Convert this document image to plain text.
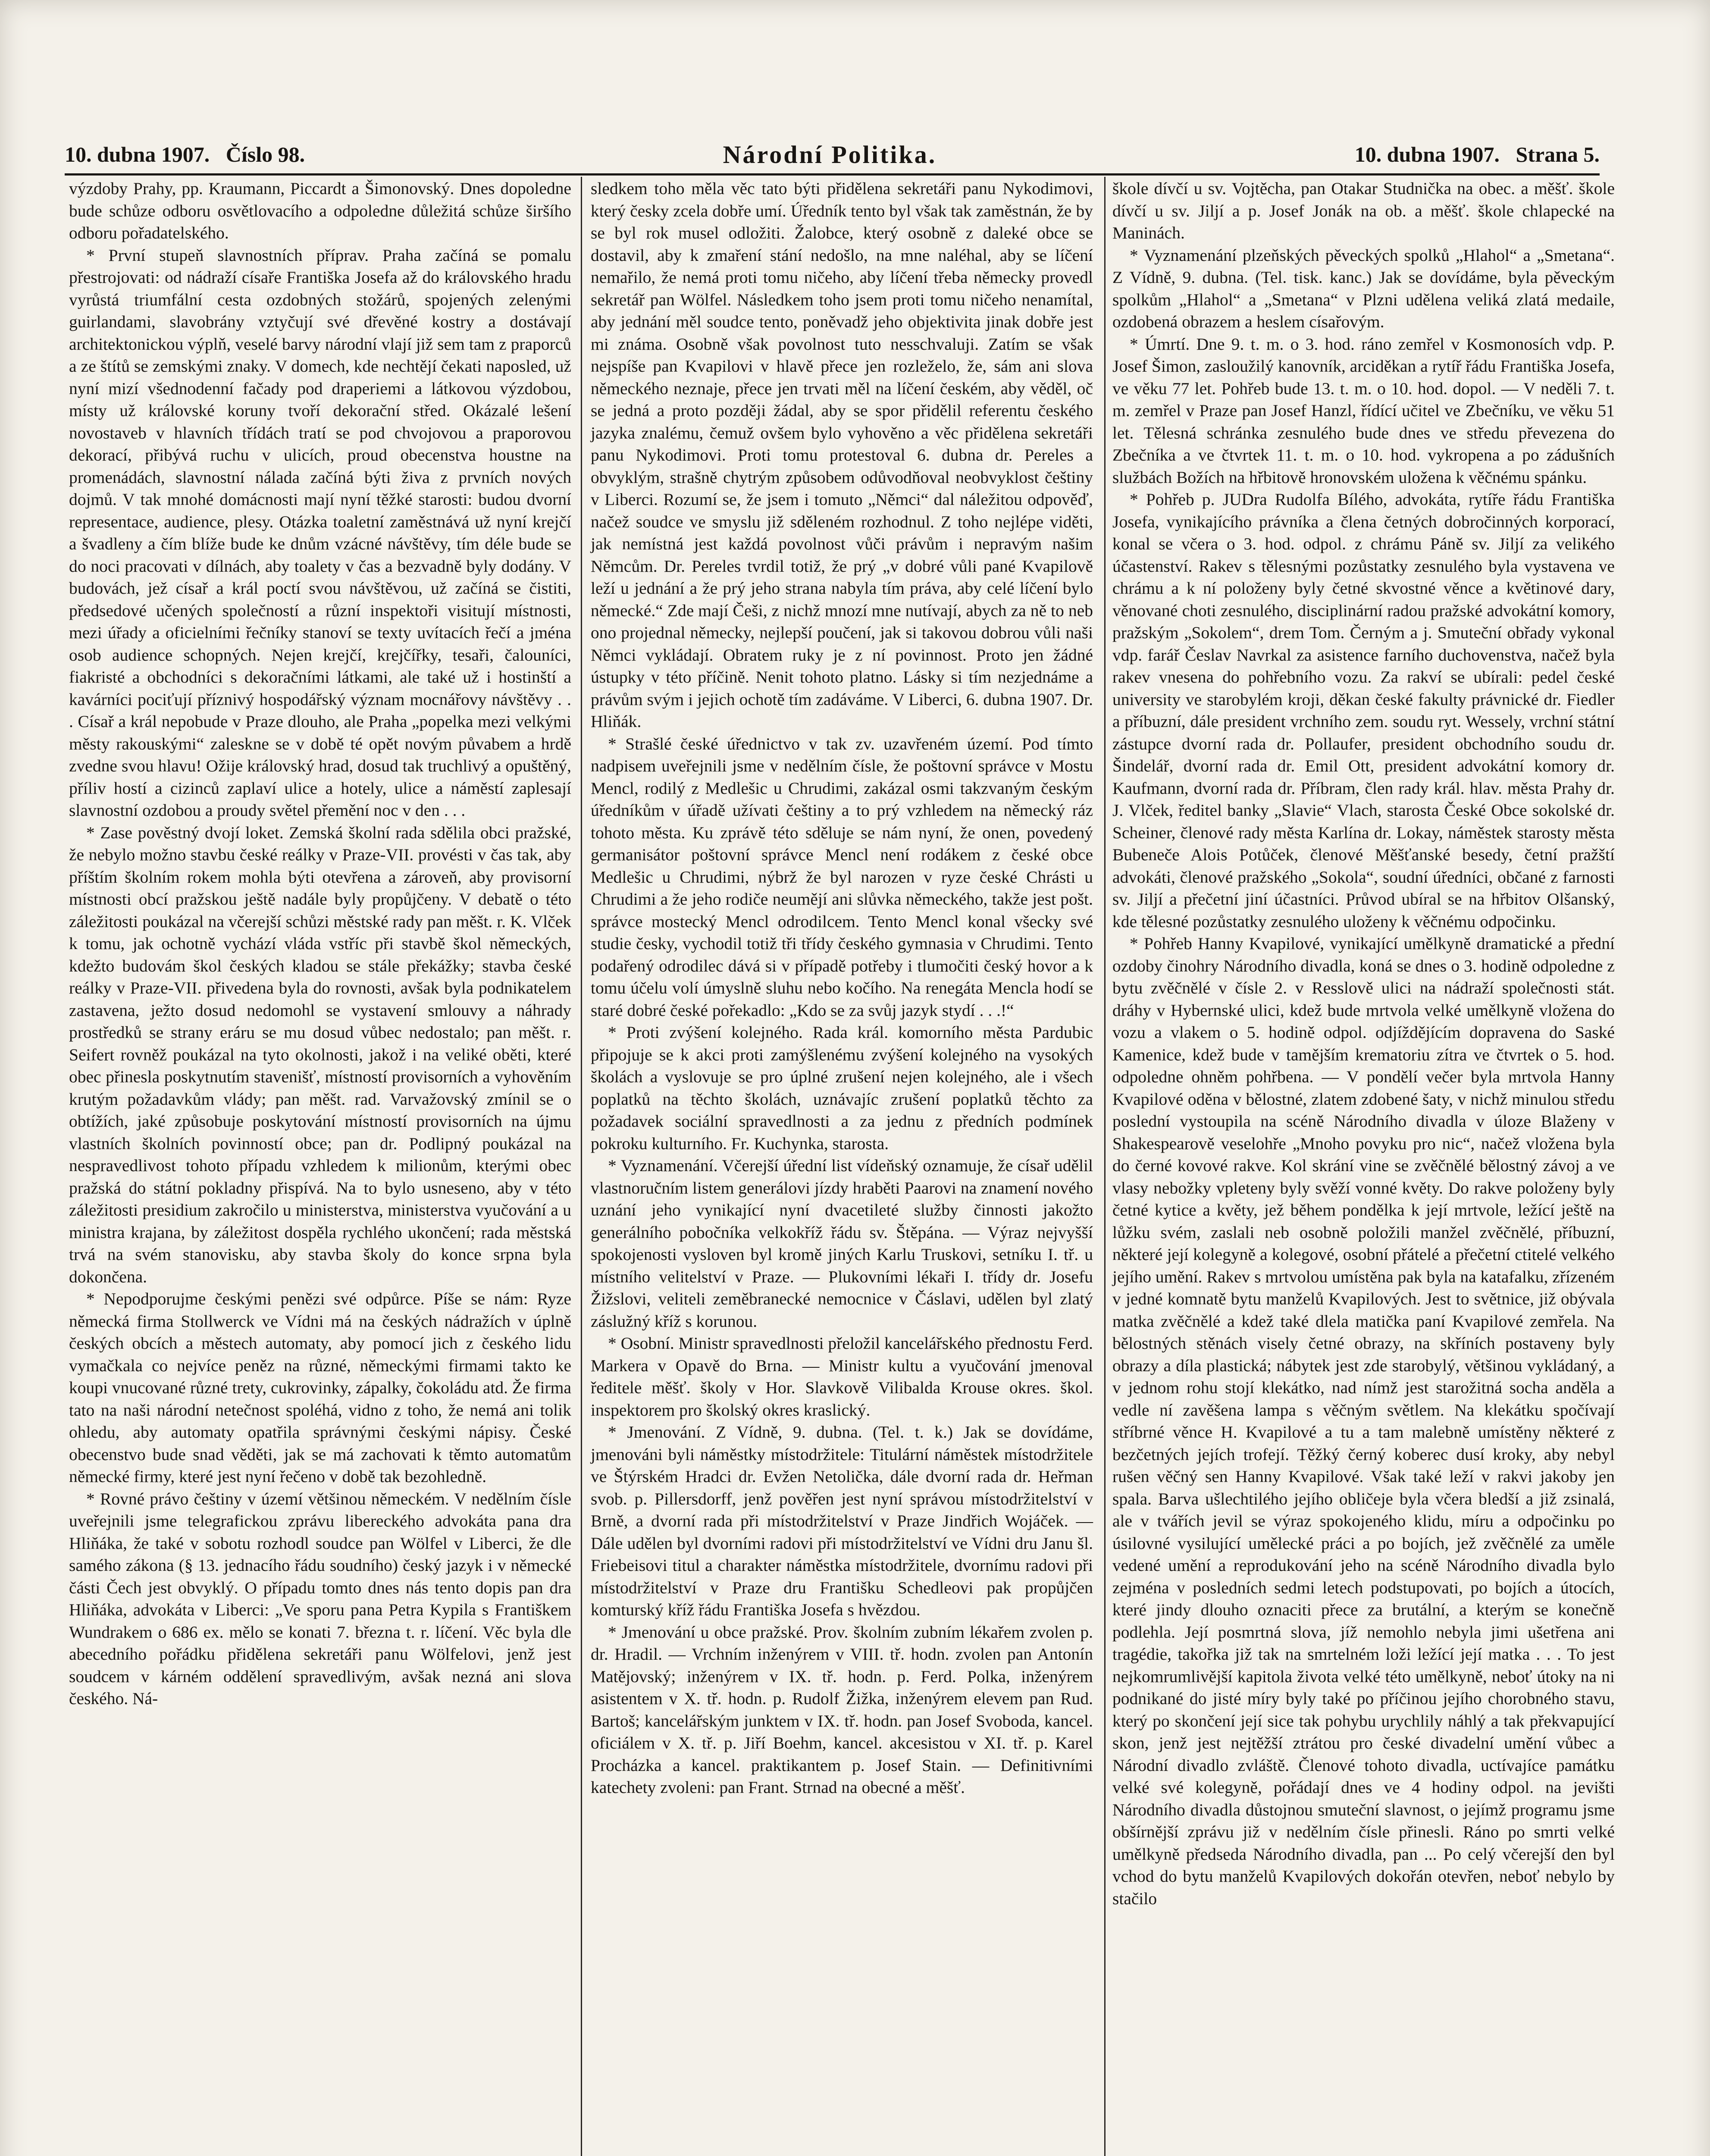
10. dubna 1907. Číslo 98.	Národní Politika.	10. dubna 1907. Strana 5.

výzdoby Prahy, pp. Kraumann, Piccardt a Šimonovský. Dnes dopoledne bude schůze odboru osvětlovacího a odpoledne důležitá schůze širšího odboru pořadatelského.

* První stupeň slavnostních příprav. Praha začíná se pomalu přestrojovati: od nádraží císaře Františka Josefa až do královského hradu vyrůstá triumfální cesta ozdobných stožárů, spojených zelenými guirlandami, slavobrány vztyčují své dřevěné kostry a dostávají architektonickou výplň, veselé barvy národní vlají již sem tam z praporců a ze štítů se zemskými znaky. V domech, kde nechtějí čekati naposled, už nyní mizí všednodenní fačady pod draperiemi a látkovou výzdobou, místy už královské koruny tvoří dekorační střed. Okázalé lešení novostaveb v hlavních třídách tratí se pod chvojovou a praporovou dekorací, přibývá ruchu v ulicích, proud obecenstva houstne na promenádách, slavnostní nálada začíná býti živa z prvních nových dojmů. V tak mnohé domácnosti mají nyní těžké starosti: budou dvorní representace, audience, plesy. Otázka toaletní zaměstnává už nyní krejčí a švadleny a čím blíže bude ke dnům vzácné návštěvy, tím déle bude se do noci pracovati v dílnách, aby toalety v čas a bezvadně byly dodány. V budovách, jež císař a král poctí svou návštěvou, už začíná se čistiti, předsedové učených společností a různí inspektoři visitují místnosti, mezi úřady a oficielními řečníky stanoví se texty uvítacích řečí a jména osob audience schopných. Nejen krejčí, krejčířky, tesaři, čalouníci, fiakristé a obchodníci s dekoračními látkami, ale také už i hostinští a kavárníci pociťují příznivý hospodářský význam mocnářovy návštěvy . . . Císař a král nepobude v Praze dlouho, ale Praha „popelka mezi velkými městy rakouskými“ zaleskne se v době té opět novým půvabem a hrdě zvedne svou hlavu! Ožije královský hrad, dosud tak truchlivý a opuštěný, příliv hostí a cizinců zaplaví ulice a hotely, ulice a náměstí zaplesají slavnostní ozdobou a proudy světel přemění noc v den . . .

* Zase pověstný dvojí loket. Zemská školní rada sdělila obci pražské, že nebylo možno stavbu české reálky v Praze-VII. provésti v čas tak, aby příštím školním rokem mohla býti otevřena a zároveň, aby provisorní místnosti obcí pražskou ještě nadále byly propůjčeny. V debatě o této záležitosti poukázal na včerejší schůzi městské rady pan měšt. r. K. Vlček k tomu, jak ochotně vychází vláda vstříc při stavbě škol německých, kdežto budovám škol českých kladou se stále překážky; stavba české reálky v Praze-VII. přivedena byla do rovnosti, avšak byla podnikatelem zastavena, ježto dosud nedomohl se vystavení smlouvy a náhrady prostředků se strany eráru se mu dosud vůbec nedostalo; pan měšt. r. Seifert rovněž poukázal na tyto okolnosti, jakož i na veliké oběti, které obec přinesla poskytnutím stavenišť, místností provisorních a vyhověním krutým požadavkům vlády; pan měšt. rad. Varvažovský zmínil se o obtížích, jaké způsobuje poskytování místností provisorních na újmu vlastních školních povinností obce; pan dr. Podlipný poukázal na nespravedlivost tohoto případu vzhledem k milionům, kterými obec pražská do státní pokladny přispívá. Na to bylo usneseno, aby v této záležitosti presidium zakročilo u ministerstva, ministerstva vyučování a u ministra krajana, by záležitost dospěla rychlého ukončení; rada městská trvá na svém stanovisku, aby stavba školy do konce srpna byla dokončena.

* Nepodporujme českými penězi své odpůrce. Píše se nám: Ryze německá firma Stollwerck ve Vídni má na českých nádražích v úplně českých obcích a městech automaty, aby pomocí jich z českého lidu vymačkala co nejvíce peněz na různé, německými firmami takto ke koupi vnucované různé trety, cukrovinky, zápalky, čokoládu atd. Že firma tato na naši národní netečnost spoléhá, vidno z toho, že nemá ani tolik ohledu, aby automaty opatřila správnými českými nápisy. České obecenstvo bude snad věděti, jak se má zachovati k těmto automatům německé firmy, které jest nyní řečeno v době tak bezohledně.

* Rovné právo češtiny v území většinou německém. V nedělním čísle uveřejnili jsme telegrafickou zprávu libereckého advokáta pana dra Hliňáka, že také v sobotu rozhodl soudce pan Wölfel v Liberci, že dle samého zákona (§ 13. jednacího řádu soudního) český jazyk i v německé části Čech jest obvyklý. O případu tomto dnes nás tento dopis pan dra Hliňáka, advokáta v Liberci: „Ve sporu pana Petra Kypila s Františkem Wundrakem o 686 ex. mělo se konati 7. března t. r. líčení. Věc byla dle abecedního pořádku přidělena sekretáři panu Wölfelovi, jenž jest soudcem v kárném oddělení spravedlivým, avšak nezná ani slova českého. Ná-

sledkem toho měla věc tato býti přidělena sekretáři panu Nykodimovi, který česky zcela dobře umí. Úředník tento byl však tak zaměstnán, že by se byl rok musel odložiti. Žalobce, který osobně z daleké obce se dostavil, aby k zmaření stání nedošlo, na mne naléhal, aby se líčení nemařilo, že nemá proti tomu ničeho, aby líčení třeba německy provedl sekretář pan Wölfel. Následkem toho jsem proti tomu ničeho nenamítal, aby jednání měl soudce tento, poněvadž jeho objektivita jinak dobře jest mi známa. Osobně však povolnost tuto nesschvaluji. Zatím se však nejspíše pan Kvapilovi v hlavě přece jen rozleželo, že, sám ani slova německého neznaje, přece jen trvati měl na líčení českém, aby věděl, oč se jedná a proto později žádal, aby se spor přidělil referentu českého jazyka znalému, čemuž ovšem bylo vyhověno a věc přidělena sekretáři panu Nykodimovi. Proti tomu protestoval 6. dubna dr. Pereles a obvyklým, strašně chytrým způsobem odůvodňoval neobvyklost češtiny v Liberci. Rozumí se, že jsem i tomuto „Němci“ dal náležitou odpověď, načež soudce ve smyslu již sděleném rozhodnul. Z toho nejlépe viděti, jak nemístná jest každá povolnost vůči právům i nepravým našim Němcům. Dr. Pereles tvrdil totiž, že prý „v dobré vůli pané Kvapilově leží u jednání a že prý jeho strana nabyla tím práva, aby celé líčení bylo německé.“ Zde mají Češi, z nichž mnozí mne nutívají, abych za ně to neb ono projednal německy, nejlepší poučení, jak si takovou dobrou vůli naši Němci vykládají. Obratem ruky je z ní povinnost. Proto jen žádné ústupky v této příčině. Nenit tohoto platno. Lásky si tím nezjednáme a právům svým i jejich ochotě tím zadáváme. V Liberci, 6. dubna 1907. Dr. Hliňák.

* Strašlé české úřednictvo v tak zv. uzavřeném území. Pod tímto nadpisem uveřejnili jsme v nedělním čísle, že poštovní správce v Mostu Mencl, rodilý z Medlešic u Chrudimi, zakázal osmi takzvaným českým úředníkům v úřadě užívati češtiny a to prý vzhledem na německý ráz tohoto města. Ku zprávě této sděluje se nám nyní, že onen, povedený germanisátor poštovní správce Mencl není rodákem z české obce Medlešic u Chrudimi, nýbrž že byl narozen v ryze české Chrásti u Chrudimi a že jeho rodiče neumějí ani slůvka německého, takže jest pošt. správce mostecký Mencl odrodilcem. Tento Mencl konal všecky své studie česky, vychodil totiž tři třídy českého gymnasia v Chrudimi. Tento podařený odrodilec dává si v případě potřeby i tlumočiti český hovor a k tomu účelu volí úmyslně sluhu nebo kočího. Na renegáta Mencla hodí se staré dobré české pořekadlo: „Kdo se za svůj jazyk stydí . . .!“

* Proti zvýšení kolejného. Rada král. komorního města Pardubic připojuje se k akci proti zamýšlenému zvýšení kolejného na vysokých školách a vyslovuje se pro úplné zrušení nejen kolejného, ale i všech poplatků na těchto školách, uznávajíc zrušení poplatků těchto za požadavek sociální spravedlnosti a za jednu z předních podmínek pokroku kulturního. Fr. Kuchynka, starosta.

* Vyznamenání. Včerejší úřední list vídeňský oznamuje, že císař udělil vlastnoručním listem generálovi jízdy hraběti Paarovi na znamení nového uznání jeho vynikající nyní dvacetileté služby činnosti jakožto generálního pobočníka velkokříž řádu sv. Štěpána. — Výraz nejvyšší spokojenosti vysloven byl kromě jiných Karlu Truskovi, setníku I. tř. u místního velitelství v Praze. — Plukovními lékaři I. třídy dr. Josefu Žižslovi, veliteli zeměbranecké nemocnice v Čáslavi, udělen byl zlatý záslužný kříž s korunou.

* Osobní. Ministr spravedlnosti přeložil kancelářského přednostu Ferd. Markera v Opavě do Brna. — Ministr kultu a vyučování jmenoval ředitele měšť. školy v Hor. Slavkově Vilibalda Krouse okres. škol. inspektorem pro školský okres kraslický.

* Jmenování. Z Vídně, 9. dubna. (Tel. t. k.) Jak se dovídáme, jmenováni byli náměstky místodržitele: Titulární náměstek místodržitele ve Štýrském Hradci dr. Evžen Netolička, dále dvorní rada dr. Heřman svob. p. Pillersdorff, jenž pověřen jest nyní správou místodržitelství v Brně, a dvorní rada při místodržitelství v Praze Jindřich Wojáček. — Dále udělen byl dvorními radovi při místodržitelství ve Vídni dru Janu šl. Friebeisovi titul a charakter náměstka místodržitele, dvornímu radovi při místodržitelství v Praze dru Františku Schedleovi pak propůjčen komturský kříž řádu Františka Josefa s hvězdou.

* Jmenování u obce pražské. Prov. školním zubním lékařem zvolen p. dr. Hradil. — Vrchním inženýrem v VIII. tř. hodn. zvolen pan Antonín Matějovský; inženýrem v IX. tř. hodn. p. Ferd. Polka, inženýrem asistentem v X. tř. hodn. p. Rudolf Žižka, inženýrem elevem pan Rud. Bartoš; kancelářským junktem v IX. tř. hodn. pan Josef Svoboda, kancel. oficiálem v X. tř. p. Jiří Boehm, kancel. akcesistou v XI. tř. p. Karel Procházka a kancel. praktikantem p. Josef Stain. — Definitivními katechety zvoleni: pan Frant. Strnad na obecné a měšť.

škole dívčí u sv. Vojtěcha, pan Otakar Studnička na obec. a měšť. škole dívčí u sv. Jiljí a p. Josef Jonák na ob. a měšť. škole chlapecké na Maninách.

* Vyznamenání plzeňských pěveckých spolků „Hlahol“ a „Smetana“. Z Vídně, 9. dubna. (Tel. tisk. kanc.) Jak se dovídáme, byla pěveckým spolkům „Hlahol“ a „Smetana“ v Plzni udělena veliká zlatá medaile, ozdobená obrazem a heslem císařovým.

* Úmrtí. Dne 9. t. m. o 3. hod. ráno zemřel v Kosmonosích vdp. P. Josef Šimon, zasloužilý kanovník, arciděkan a rytíř řádu Františka Josefa, ve věku 77 let. Pohřeb bude 13. t. m. o 10. hod. dopol. — V neděli 7. t. m. zemřel v Praze pan Josef Hanzl, řídící učitel ve Zbečníku, ve věku 51 let. Tělesná schránka zesnulého bude dnes ve středu převezena do Zbečníka a ve čtvrtek 11. t. m. o 10. hod. vykropena a po zádušních službách Božích na hřbitově hronovském uložena k věčnému spánku.

* Pohřeb p. JUDra Rudolfa Bílého, advokáta, rytíře řádu Františka Josefa, vynikajícího právníka a člena četných dobročinných korporací, konal se včera o 3. hod. odpol. z chrámu Páně sv. Jiljí za velikého účastenství. Rakev s tělesnými pozůstatky zesnulého byla vystavena ve chrámu a k ní položeny byly četné skvostné věnce a květinové dary, věnované choti zesnulého, disciplinární radou pražské advokátní komory, pražským „Sokolem“, drem Tom. Černým a j. Smuteční obřady vykonal vdp. farář Česlav Navrkal za asistence farního duchovenstva, načež byla rakev vnesena do pohřebního vozu. Za rakví se ubírali: pedel české university ve starobylém kroji, děkan české fakulty právnické dr. Fiedler a příbuzní, dále president vrchního zem. soudu ryt. Wessely, vrchní státní zástupce dvorní rada dr. Pollaufer, president obchodního soudu dr. Šindelář, dvorní rada dr. Emil Ott, president advokátní komory dr. Kaufmann, dvorní rada dr. Příbram, člen rady král. hlav. města Prahy dr. J. Vlček, ředitel banky „Slavie“ Vlach, starosta České Obce sokolské dr. Scheiner, členové rady města Karlína dr. Lokay, náměstek starosty města Bubeneče Alois Potůček, členové Měšťanské besedy, četní pražští advokáti, členové pražského „Sokola“, soudní úředníci, občané z farnosti sv. Jiljí a přečetní jiní účastníci. Průvod ubíral se na hřbitov Olšanský, kde tělesné pozůstatky zesnulého uloženy k věčnému odpočinku.

* Pohřeb Hanny Kvapilové, vynikající umělkyně dramatické a přední ozdoby činohry Národního divadla, koná se dnes o 3. hodině odpoledne z bytu zvěčnělé v čísle 2. v Resslově ulici na nádraží společnosti stát. dráhy v Hybernské ulici, kdež bude mrtvola velké umělkyně vložena do vozu a vlakem o 5. hodině odpol. odjíždějícím dopravena do Saské Kamenice, kdež bude v tamějším krematoriu zítra ve čtvrtek o 5. hod. odpoledne ohněm pohřbena. — V pondělí večer byla mrtvola Hanny Kvapilové oděna v bělostné, zlatem zdobené šaty, v nichž minulou středu poslední vystoupila na scéně Národního divadla v úloze Blaženy v Shakespearově veselohře „Mnoho povyku pro nic“, načež vložena byla do černé kovové rakve. Kol skrání vine se zvěčnělé bělostný závoj a ve vlasy nebožky vpleteny byly svěží vonné květy. Do rakve položeny byly četné kytice a květy, jež během pondělka k její mrtvole, ležící ještě na lůžku svém, zaslali neb osobně položili manžel zvěčnělé, příbuzní, některé její kolegyně a kolegové, osobní přátelé a přečetní ctitelé velkého jejího umění. Rakev s mrtvolou umístěna pak byla na katafalku, zřízeném v jedné komnatě bytu manželů Kvapilových. Jest to světnice, již obývala matka zvěčnělé a kdež také dlela matička paní Kvapilové zemřela. Na bělostných stěnách visely četné obrazy, na skříních postaveny byly obrazy a díla plastická; nábytek jest zde starobylý, většinou vykládaný, a v jednom rohu stojí klekátko, nad nímž jest starožitná socha anděla a vedle ní zavěšena lampa s věčným světlem. Na klekátku spočívají stříbrné věnce H. Kvapilové a tu a tam malebně umístěny některé z bezčetných jejích trofejí. Těžký černý koberec dusí kroky, aby nebyl rušen věčný sen Hanny Kvapilové. Však také leží v rakvi jakoby jen spala. Barva ušlechtilého jejího obličeje byla včera bledší a již zsinalá, ale v tvářích jevil se výraz spokojeného klidu, míru a odpočinku po úsilovné vysilující umělecké práci a po bojích, jež zvěčnělé za uměle vedené umění a reprodukování jeho na scéně Národního divadla bylo zejména v posledních sedmi letech podstupovati, po bojích a útocích, které jindy dlouho oznaciti přece za brutální, a kterým se konečně podlehla. Její posmrtná slova, jíž nemohlo nebyla jimi ušetřena ani tragédie, takořka již tak na smrtelném loži ležící její matka . . . To jest nejkomrumlivější kapitola života velké této umělkyně, neboť útoky na ni podnikané do jisté míry byly také po příčinou jejího chorobného stavu, který po skončení její sice tak pohybu urychlily náhlý a tak překvapující skon, jenž jest nejtěžší ztrátou pro české divadelní umění vůbec a Národní divadlo zvláště. Členové tohoto divadla, uctívajíce památku velké své kolegyně, pořádají dnes ve 4 hodiny odpol. na jevišti Národního divadla důstojnou smuteční slavnost, o jejímž programu jsme obšírnější zprávu již v nedělním čísle přinesli. Ráno po smrti velké umělkyně předseda Národního divadla, pan ... Po celý včerejší den byl vchod do bytu manželů Kvapilových dokořán otevřen, neboť nebylo by stačilo
